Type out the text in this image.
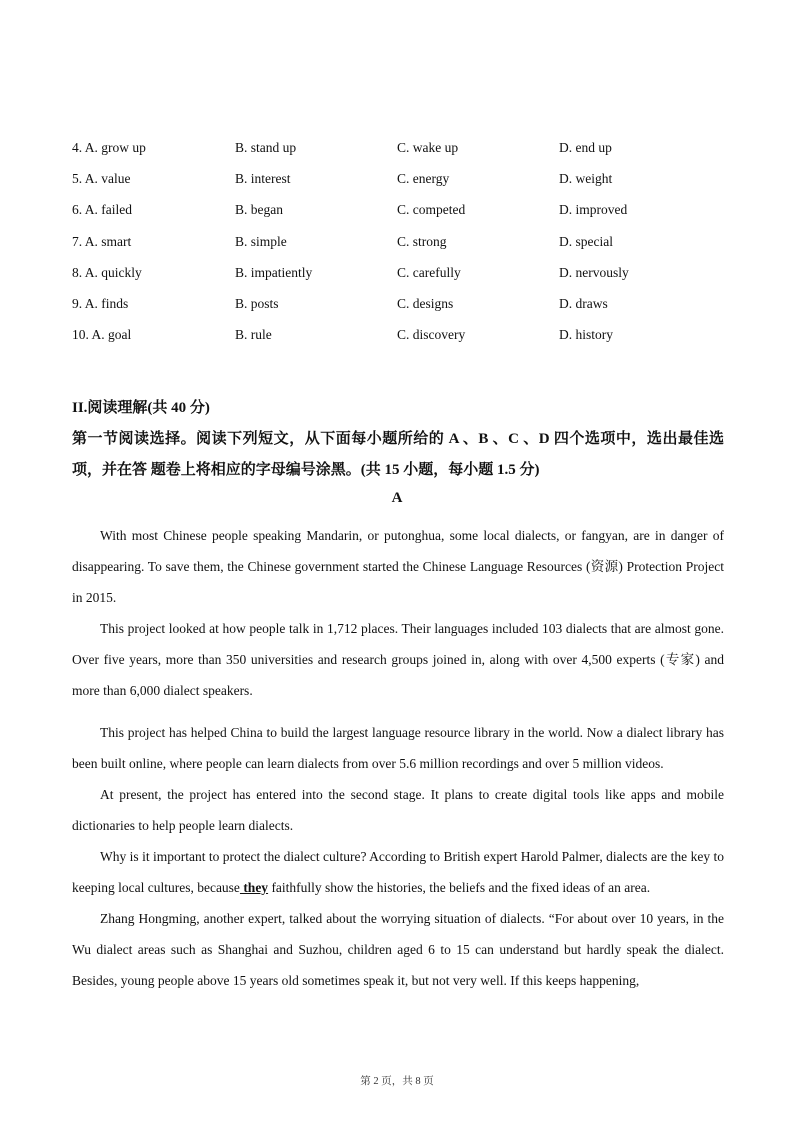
4. A. grow up	B. stand up	C. wake up	D. end up
5. A. value	B. interest	C. energy	D. weight
6. A. failed	B. began	C. competed	D. improved
7. A. smart	B. simple	C. strong	D. special
8. A. quickly	B. impatiently	C. carefully	D. nervously
9. A. finds	B. posts	C. designs	D. draws
10. A. goal	B. rule	C. discovery	D. history
II.阅读理解(共 40 分)
第一节阅读选择。阅读下列短文，从下面每小题所给的 A 、B 、C 、D 四个选项中，选出最佳选项，并在答 题卷上将相应的字母编号涂黑。(共 15 小题，每小题 1.5 分)
A

With most Chinese people speaking Mandarin, or putonghua, some local dialects, or fangyan, are in danger of disappearing. To save them, the Chinese government started the Chinese Language Resources (资源) Protection Project in 2015.

This project looked at how people talk in 1,712 places. Their languages included 103 dialects that are almost gone. Over five years, more than 350 universities and research groups joined in, along with over 4,500 experts (专家) and more than 6,000 dialect speakers.

This project has helped China to build the largest language resource library in the world. Now a dialect library has been built online, where people can learn dialects from over 5.6 million recordings and over 5 million videos.

At present, the project has entered into the second stage. It plans to create digital tools like apps and mobile dictionaries to help people learn dialects.

Why is it important to protect the dialect culture? According to British expert Harold Palmer, dialects are the key to keeping local cultures, because they faithfully show the histories, the beliefs and the fixed ideas of an area.

Zhang Hongming, another expert, talked about the worrying situation of dialects. “For about over 10 years, in the Wu dialect areas such as Shanghai and Suzhou, children aged 6 to 15 can understand but hardly speak the dialect. Besides, young people above 15 years old sometimes speak it, but not very well. If this keeps happening,

第 2 页，共 8 页
